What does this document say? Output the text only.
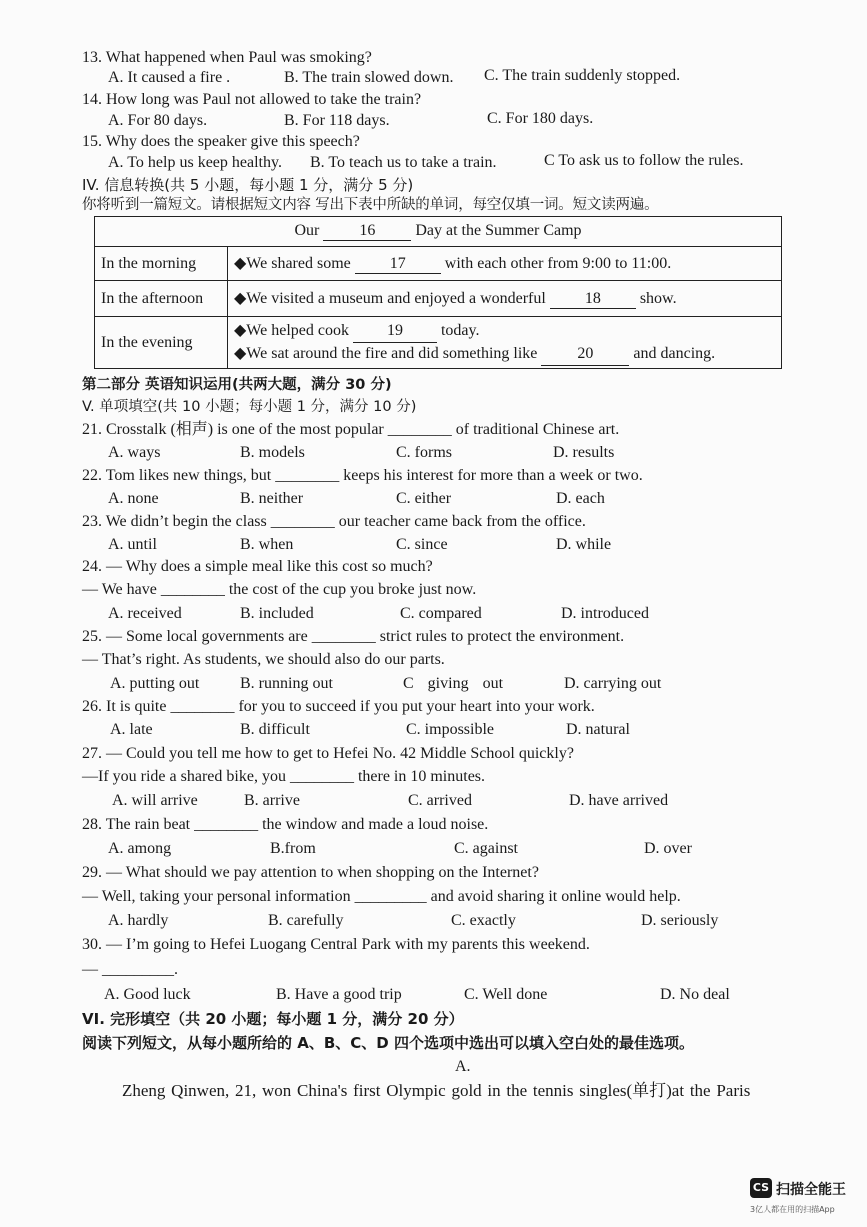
13. What happened when Paul was smoking?
A. It caused a fire .	B. The train slowed down. C. The train suddenly stopped.
14. How long was Paul not allowed to take the train?
A. For 80 days.	B. For 118 days.	C. For 180 days.
15. Why does the speaker give this speech?
A. To help us keep healthy. B. To teach us to take a train.	C To ask us to follow the rules.
IV. 信息转换(共 5 小题，每小题 1 分，满分 5 分)
你将听到一篇短文。请根据短文内容 写出下表中所缺的单词，每空仅填一词。短文读两遍。
Our 16 Day at the Summer Camp	
In the morning	◆We shared some 17 with each other from 9:00 to 11:00.
In the afternoon	◆We visited a museum and enjoyed a wonderful 18 show.
In the evening	◆We helped cook 19 today.
◆We sat around the fire and did something like 20 and dancing.
第二部分 英语知识运用(共两大题，满分 30 分)
V. 单项填空(共 10 小题；每小题 1 分，满分 10 分)
21. Crosstalk (相声) is one of the most popular ________ of traditional Chinese art.
A. ways	B. models	C. forms	D. results
22. Tom likes new things, but ________ keeps his interest for more than a week or two.
A. none	B. neither	C. either	D. each
23. We didn’t begin the class ________ our teacher came back from the office.
A. until	B. when	C. since	D. while
24. — Why does a simple meal like this cost so much?
— We have ________ the cost of the cup you broke just now.
A. received	B. included	C. compared	D. introduced
25. — Some local governments are ________ strict rules to protect the environment.
— That’s right. As students, we should also do our parts.
A. putting out	B. running out	C giving out	D. carrying out
26. It is quite ________ for you to succeed if you put your heart into your work.
A. late	B. difficult	C. impossible	D. natural
27. — Could you tell me how to get to Hefei No. 42 Middle School quickly?
—If you ride a shared bike, you ________ there in 10 minutes.
A. will arrive	B. arrive	C. arrived	D. have arrived
28. The rain beat ________ the window and made a loud noise.
A. among	B.from	C. against	D. over
29. — What should we pay attention to when shopping on the Internet?
— Well, taking your personal information _________ and avoid sharing it online would help.
A. hardly	B. carefully	C. exactly	D. seriously
30. — I’m going to Hefei Luogang Central Park with my parents this weekend.
— _________.
A. Good luck	B. Have a good trip	C. Well done	D. No deal
VI. 完形填空（共 20 小题；每小题 1 分，满分 20 分）
阅读下列短文，从每小题所给的 A、B、C、D 四个选项中选出可以填入空白处的最佳选项。
A.
Zheng Qinwen, 21, won China's first Olympic gold in the tennis singles(单打)at the Paris
CS 扫描全能王
3亿人都在用的扫描App
